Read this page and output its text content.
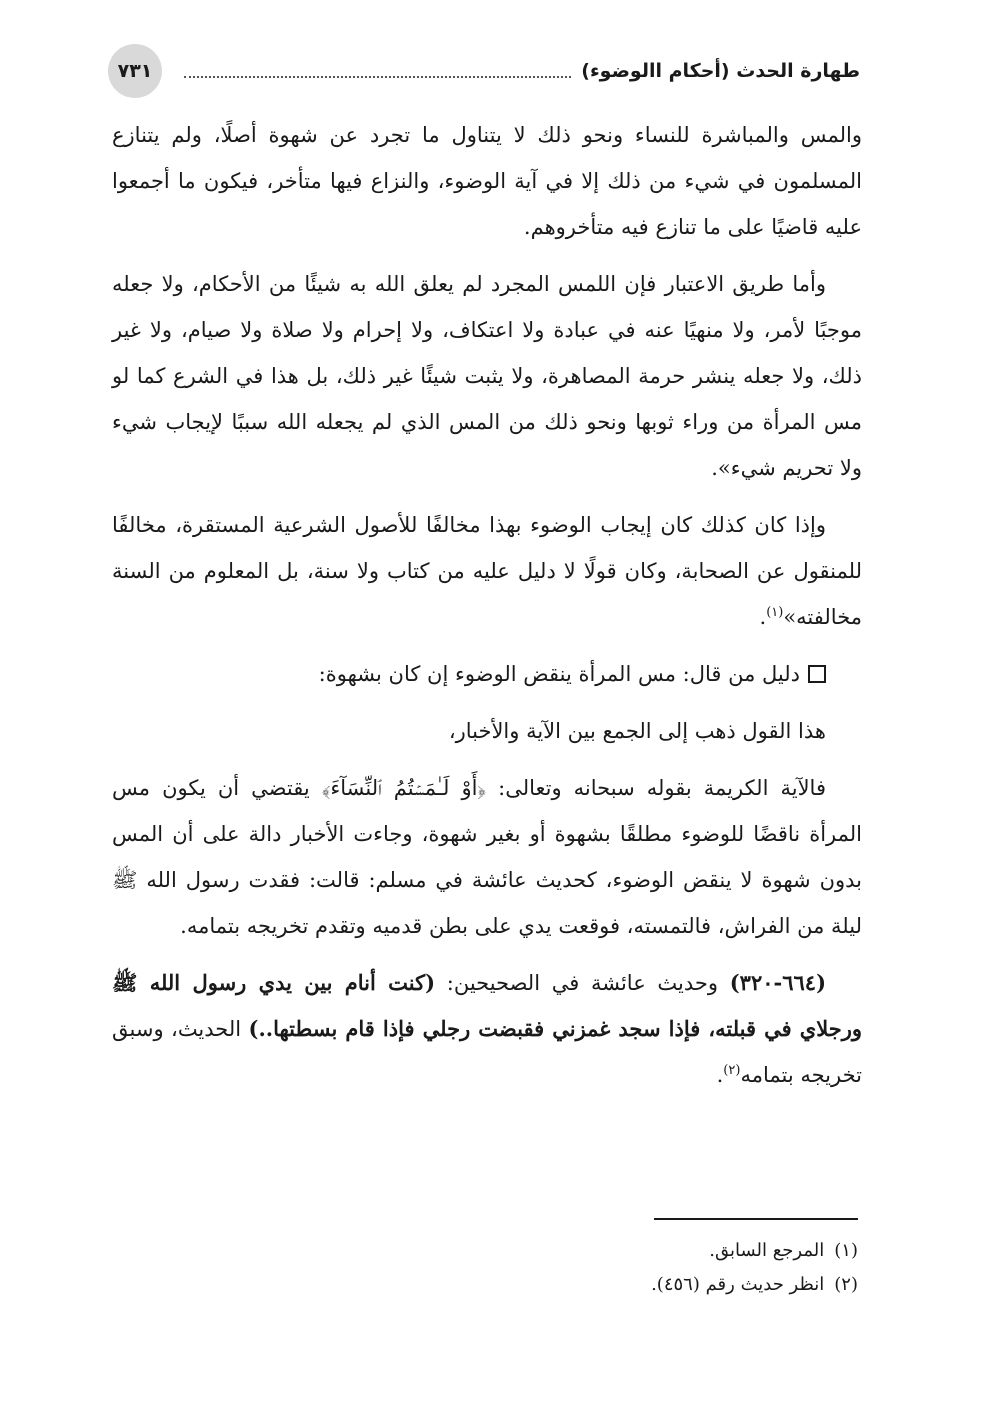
٧٣١	طهارة الحدث (أحكام االوضوء)

والمس والمباشرة للنساء ونحو ذلك لا يتناول ما تجرد عن شهوة أصلًا، ولم يتنازع المسلمون في شيء من ذلك إلا في آية الوضوء، والنزاع فيها متأخر، فيكون ما أجمعوا عليه قاضيًا على ما تنازع فيه متأخروهم.

وأما طريق الاعتبار فإن اللمس المجرد لم يعلق الله به شيئًا من الأحكام، ولا جعله موجبًا لأمر، ولا منهيًا عنه في عبادة ولا اعتكاف، ولا إحرام ولا صلاة ولا صيام، ولا غير ذلك، ولا جعله ينشر حرمة المصاهرة، ولا يثبت شيئًا غير ذلك، بل هذا في الشرع كما لو مس المرأة من وراء ثوبها ونحو ذلك من المس الذي لم يجعله الله سببًا لإيجاب شيء ولا تحريم شيء».

وإذا كان كذلك كان إيجاب الوضوء بهذا مخالفًا للأصول الشرعية المستقرة، مخالفًا للمنقول عن الصحابة، وكان قولًا لا دليل عليه من كتاب ولا سنة، بل المعلوم من السنة مخالفته»$^{(١)}$.

دليل من قال: مس المرأة ينقض الوضوء إن كان بشهوة:

هذا القول ذهب إلى الجمع بين الآية والأخبار،

فالآية الكريمة بقوله سبحانه وتعالى: ﴿أَوْ لَـٰمَسۡتُمُ ٱلنِّسَآءَ﴾ يقتضي أن يكون مس المرأة ناقضًا للوضوء مطلقًا بشهوة أو بغير شهوة، وجاءت الأخبار دالة على أن المس بدون شهوة لا ينقض الوضوء، كحديث عائشة في مسلم: قالت: فقدت رسول الله ﷺ ليلة من الفراش، فالتمسته، فوقعت يدي على بطن قدميه وتقدم تخريجه بتمامه.

(٦٦٤-٣٢٠) وحديث عائشة في الصحيحين: (كنت أنام بين يدي رسول الله ﷺ ورجلاي في قبلته، فإذا سجد غمزني فقبضت رجلي فإذا قام بسطتها..) الحديث، وسبق تخريجه بتمامه$^{(٢)}$.

(١)المرجع السابق.
(٢)انظر حديث رقم (٤٥٦).
